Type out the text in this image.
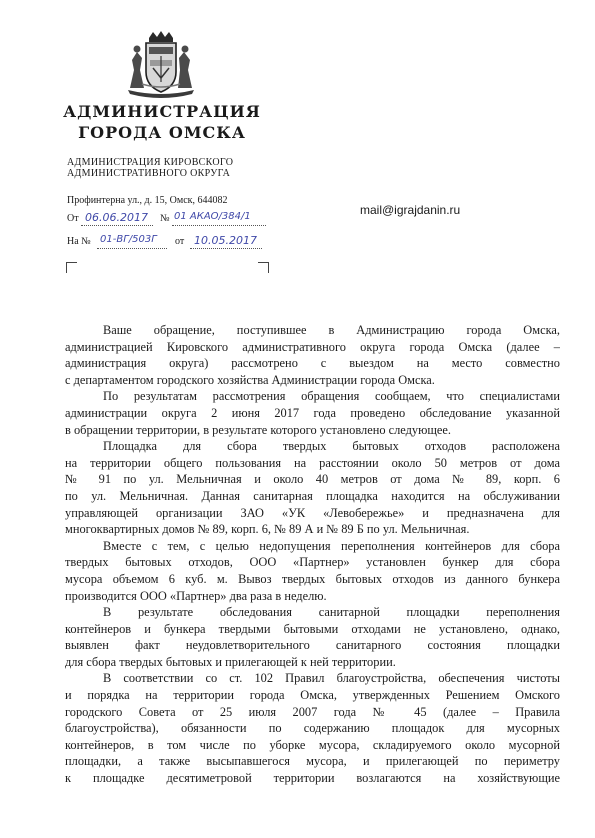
АДМИНИСТРАЦИЯ
ГОРОДА ОМСКА
АДМИНИСТРАЦИЯ КИРОВСКОГО
АДМИНИСТРАТИВНОГО ОКРУГА
Профинтерна ул., д. 15, Омск, 644082
От 06.06.2017 № 01 АКАО/384/1
На № 01-ВГ/503Г от 10.05.2017
mail@igrajdanin.ru
Ваше обращение, поступившее в Администрацию города Омска,
администрацией Кировского административного округа города Омска (далее –
администрация округа) рассмотрено с выездом на место совместно
с департаментом городского хозяйства Администрации города Омска.
По результатам рассмотрения обращения сообщаем, что специалистами
администрации округа 2 июня 2017 года проведено обследование указанной
в обращении территории, в результате которого установлено следующее.
Площадка для сбора твердых бытовых отходов расположена
на территории общего пользования на расстоянии около 50 метров от дома
№ 91 по ул. Мельничная и около 40 метров от дома № 89, корп. 6
по ул. Мельничная. Данная санитарная площадка находится на обслуживании
управляющей организации ЗАО «УК «Левобережье» и предназначена для
многоквартирных домов № 89, корп. 6, № 89 А и № 89 Б по ул. Мельничная.
Вместе с тем, с целью недопущения переполнения контейнеров для сбора
твердых бытовых отходов, ООО «Партнер» установлен бункер для сбора
мусора объемом 6 куб. м. Вывоз твердых бытовых отходов из данного бункера
производится ООО «Партнер» два раза в неделю.
В результате обследования санитарной площадки переполнения
контейнеров и бункера твердыми бытовыми отходами не установлено, однако,
выявлен факт неудовлетворительного санитарного состояния площадки
для сбора твердых бытовых и прилегающей к ней территории.
В соответствии со ст. 102 Правил благоустройства, обеспечения чистоты
и порядка на территории города Омска, утвержденных Решением Омского
городского Совета от 25 июля 2007 года № 45 (далее – Правила
благоустройства), обязанности по содержанию площадок для мусорных
контейнеров, в том числе по уборке мусора, складируемого около мусорной
площадки, а также высыпавшегося мусора, и прилегающей по периметру
к площадке десятиметровой территории возлагаются на хозяйствующие
